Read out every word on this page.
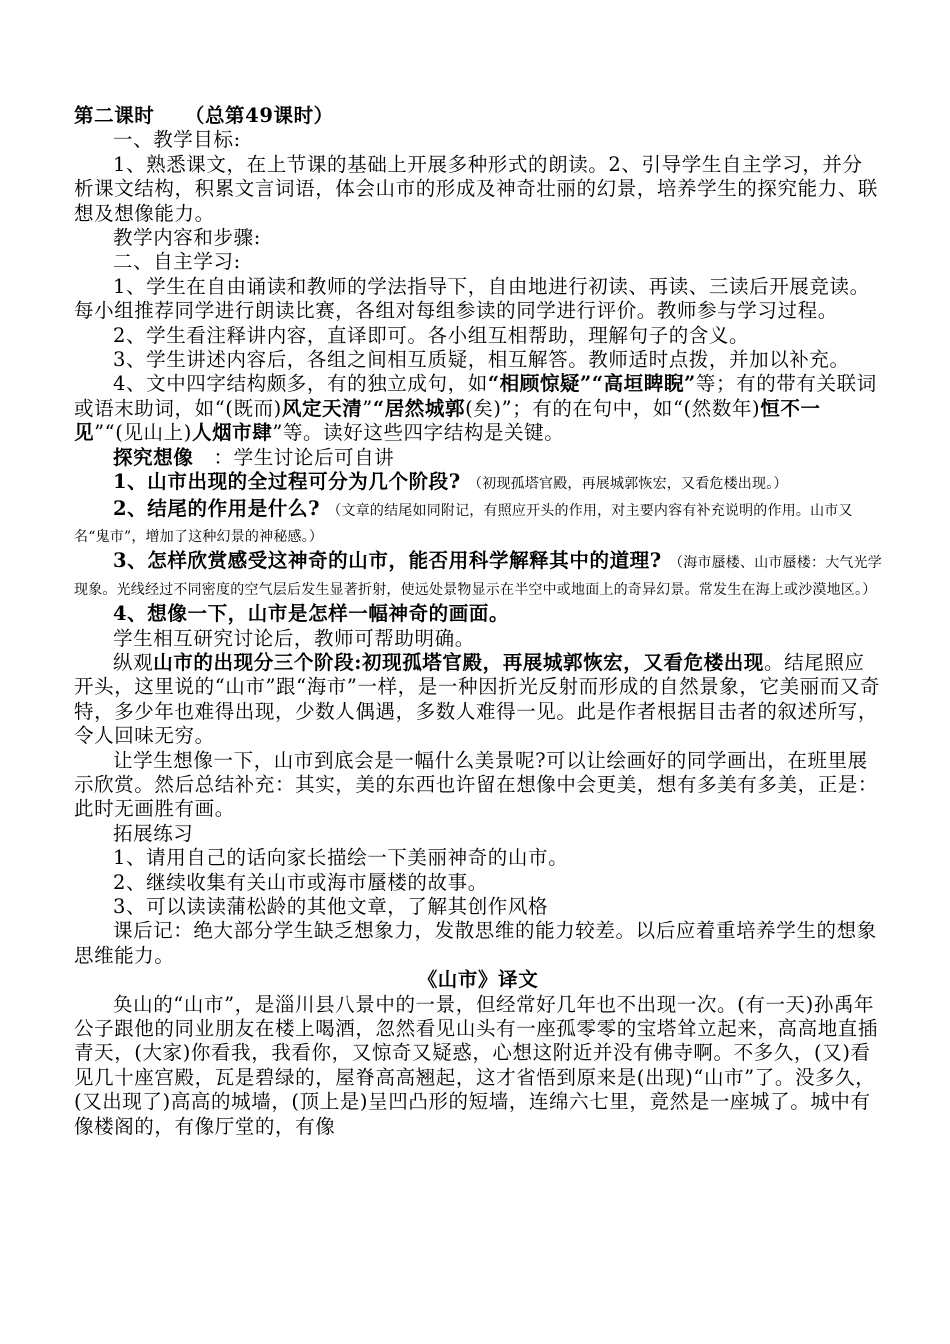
第二课时　　（总第49课时）

一、教学目标:

1、熟悉课文，在上节课的基础上开展多种形式的朗读。2、引导学生自主学习，并分析课文结构，积累文言词语，体会山市的形成及神奇壮丽的幻景，培养学生的探究能力、联想及想像能力。

教学内容和步骤:

二、自主学习:

1、学生在自由诵读和教师的学法指导下，自由地进行初读、再读、三读后开展竞读。每小组推荐同学进行朗读比赛，各组对每组参读的同学进行评价。教师参与学习过程。

2、学生看注释讲内容，直译即可。各小组互相帮助，理解句子的含义。

3、学生讲述内容后，各组之间相互质疑，相互解答。教师适时点拨，并加以补充。

4、文中四字结构颇多，有的独立成句，如“相顾惊疑”“高垣睥睨”等；有的带有关联词或语末助词，如“(既而)风定天清”“居然城郭(矣)”；有的在句中，如“(然数年)恒不一见”“(见山上)人烟市肆”等。读好这些四字结构是关键。

探究想像　：学生讨论后可自讲

1、山市出现的全过程可分为几个阶段?　（初现孤塔官殿，再展城郭恢宏，又看危楼出现。）

2、结尾的作用是什么?　（文章的结尾如同附记，有照应开头的作用，对主要内容有补充说明的作用。山市又名“鬼市”，增加了这种幻景的神秘感。）

3、怎样欣赏感受这神奇的山市，能否用科学解释其中的道理?　（海市蜃楼、山市蜃楼：大气光学现象。光线经过不同密度的空气层后发生显著折射，使远处景物显示在半空中或地面上的奇异幻景。常发生在海上或沙漠地区。）

4、想像一下，山市是怎样一幅神奇的画面。

学生相互研究讨论后，教师可帮助明确。

纵观山市的出现分三个阶段:初现孤塔官殿，再展城郭恢宏，又看危楼出现。结尾照应开头，这里说的“山市”跟“海市”一样，是一种因折光反射而形成的自然景象，它美丽而又奇特，多少年也难得出现，少数人偶遇，多数人难得一见。此是作者根据目击者的叙述所写，令人回味无穷。

让学生想像一下，山市到底会是一幅什么美景呢?可以让绘画好的同学画出，在班里展示欣赏。然后总结补充：其实，美的东西也许留在想像中会更美，想有多美有多美，正是：此时无画胜有画。

拓展练习

1、请用自己的话向家长描绘一下美丽神奇的山市。

2、继续收集有关山市或海市蜃楼的故事。

3、可以读读蒲松龄的其他文章，了解其创作风格

课后记：绝大部分学生缺乏想象力，发散思维的能力较差。以后应着重培养学生的想象思维能力。

《山市》译文

奂山的“山市”，是淄川县八景中的一景，但经常好几年也不出现一次。(有一天)孙禹年公子跟他的同业朋友在楼上喝酒，忽然看见山头有一座孤零零的宝塔耸立起来，高高地直插青天，(大家)你看我，我看你，又惊奇又疑惑，心想这附近并没有佛寺啊。不多久，(又)看见几十座宫殿，瓦是碧绿的，屋脊高高翘起，这才省悟到原来是(出现)“山市”了。没多久，(又出现了)高高的城墙，(顶上是)呈凹凸形的短墙，连绵六七里，竟然是一座城了。城中有像楼阁的，有像厅堂的，有像
